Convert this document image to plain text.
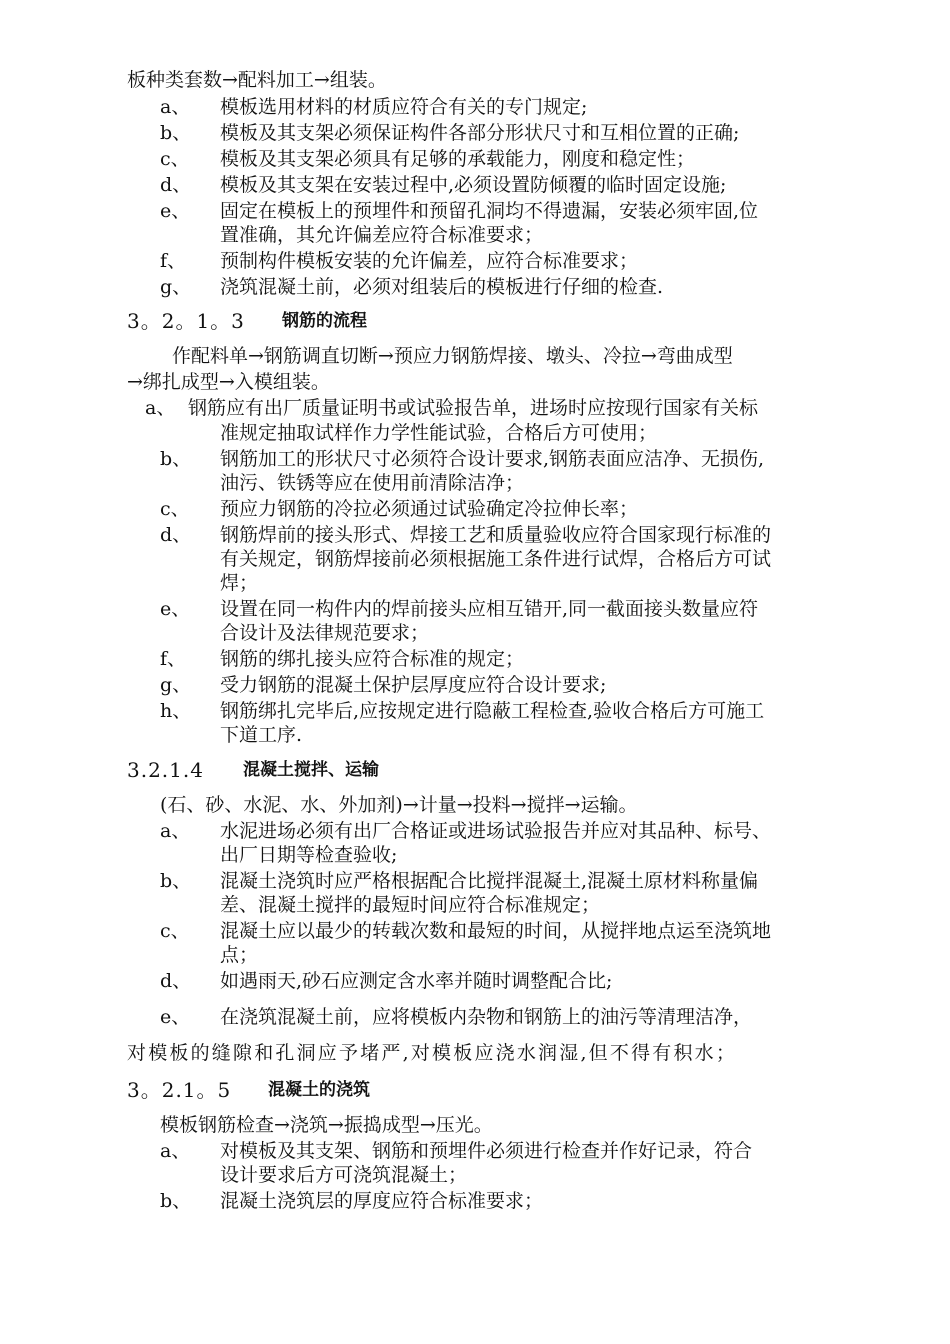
板种类套数→配料加工→组装。
a、 模板选用材料的材质应符合有关的专门规定;
b、 模板及其支架必须保证构件各部分形状尺寸和互相位置的正确;
c、 模板及其支架必须具有足够的承载能力，刚度和稳定性；
d、 模板及其支架在安装过程中,必须设置防倾覆的临时固定设施;
e、 固定在模板上的预埋件和预留孔洞均不得遗漏，安装必须牢固,位
置准确，其允许偏差应符合标准要求；
f、 预制构件模板安装的允许偏差，应符合标准要求；
g、 浇筑混凝土前，必须对组装后的模板进行仔细的检查.
3。2。1。3 钢筋的流程
作配料单→钢筋调直切断→预应力钢筋焊接、墩头、冷拉→弯曲成型
→绑扎成型→入模组装。
a、 钢筋应有出厂质量证明书或试验报告单，进场时应按现行国家有关标
准规定抽取试样作力学性能试验，合格后方可使用；
b、 钢筋加工的形状尺寸必须符合设计要求,钢筋表面应洁净、无损伤,
油污、铁锈等应在使用前清除洁净；
c、 预应力钢筋的冷拉必须通过试验确定冷拉伸长率；
d、 钢筋焊前的接头形式、焊接工艺和质量验收应符合国家现行标准的
有关规定，钢筋焊接前必须根据施工条件进行试焊，合格后方可试
焊；
e、 设置在同一构件内的焊前接头应相互错开,同一截面接头数量应符
合设计及法律规范要求；
f、 钢筋的绑扎接头应符合标准的规定；
g、 受力钢筋的混凝土保护层厚度应符合设计要求;
h、 钢筋绑扎完毕后,应按规定进行隐蔽工程检查,验收合格后方可施工
下道工序.
3.2.1.4 混凝土搅拌、运输
(石、砂、水泥、水、外加剂)→计量→投料→搅拌→运输。
a、 水泥进场必须有出厂合格证或进场试验报告并应对其品种、标号、
出厂日期等检查验收;
b、 混凝土浇筑时应严格根据配合比搅拌混凝土,混凝土原材料称量偏
差、混凝土搅拌的最短时间应符合标准规定；
c、 混凝土应以最少的转载次数和最短的时间，从搅拌地点运至浇筑地
点；
d、 如遇雨天,砂石应测定含水率并随时调整配合比;
e、 在浇筑混凝土前，应将模板内杂物和钢筋上的油污等清理洁净，
对模板的缝隙和孔洞应予堵严,对模板应浇水润湿,但不得有积水；
3。2.1。5 混凝土的浇筑
模板钢筋检查→浇筑→振捣成型→压光。
a、 对模板及其支架、钢筋和预埋件必须进行检查并作好记录，符合
设计要求后方可浇筑混凝土；
b、 混凝土浇筑层的厚度应符合标准要求；
